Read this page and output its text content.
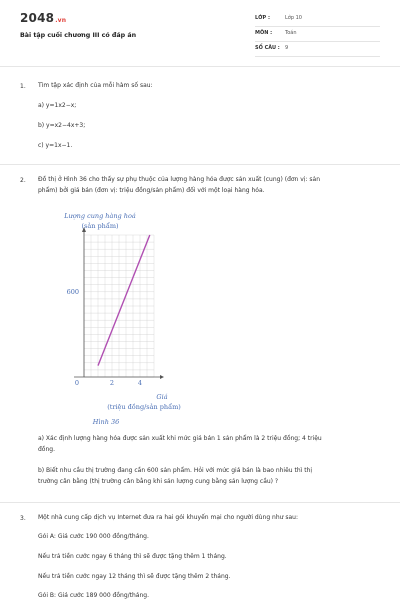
2048.vn
Bài tập cuối chương III có đáp án
LỚP :	Lớp 10
MÔN :	Toán
SỐ CÂU : 9
1. Tìm tập xác định của mỗi hàm số sau:
a) y=1x2−x;
b) y=x2−4x+3;
c) y=1x−1.
2. Đồ thị ở Hình 36 cho thấy sự phụ thuộc của lượng hàng hóa được sản xuất (cung) (đơn vị: sản
phẩm) bởi giá bán (đơn vị: triệu đồng/sản phẩm) đối với một loại hàng hóa.
Lượng cung hàng hoá
(sản phẩm)
Giá
(triệu đồng/sản phẩm)
Hình 36
0	2	4
600
a) Xác định lượng hàng hóa được sản xuất khi mức giá bán 1 sản phẩm là 2 triệu đồng; 4 triệu
đồng.
b) Biết nhu cầu thị trường đang cần 600 sản phẩm. Hỏi với mức giá bán là bao nhiêu thì thị
trường cân bằng (thị trường cân bằng khi sản lượng cung bằng sản lượng cầu) ?
3. Một nhà cung cấp dịch vụ Internet đưa ra hai gói khuyến mại cho người dùng như sau:
Gói A: Giá cước 190 000 đồng/tháng.
Nếu trả tiền cước ngay 6 tháng thì sẽ được tặng thêm 1 tháng.
Nếu trả tiền cước ngay 12 tháng thì sẽ được tặng thêm 2 tháng.
Gói B: Giá cước 189 000 đồng/tháng.
